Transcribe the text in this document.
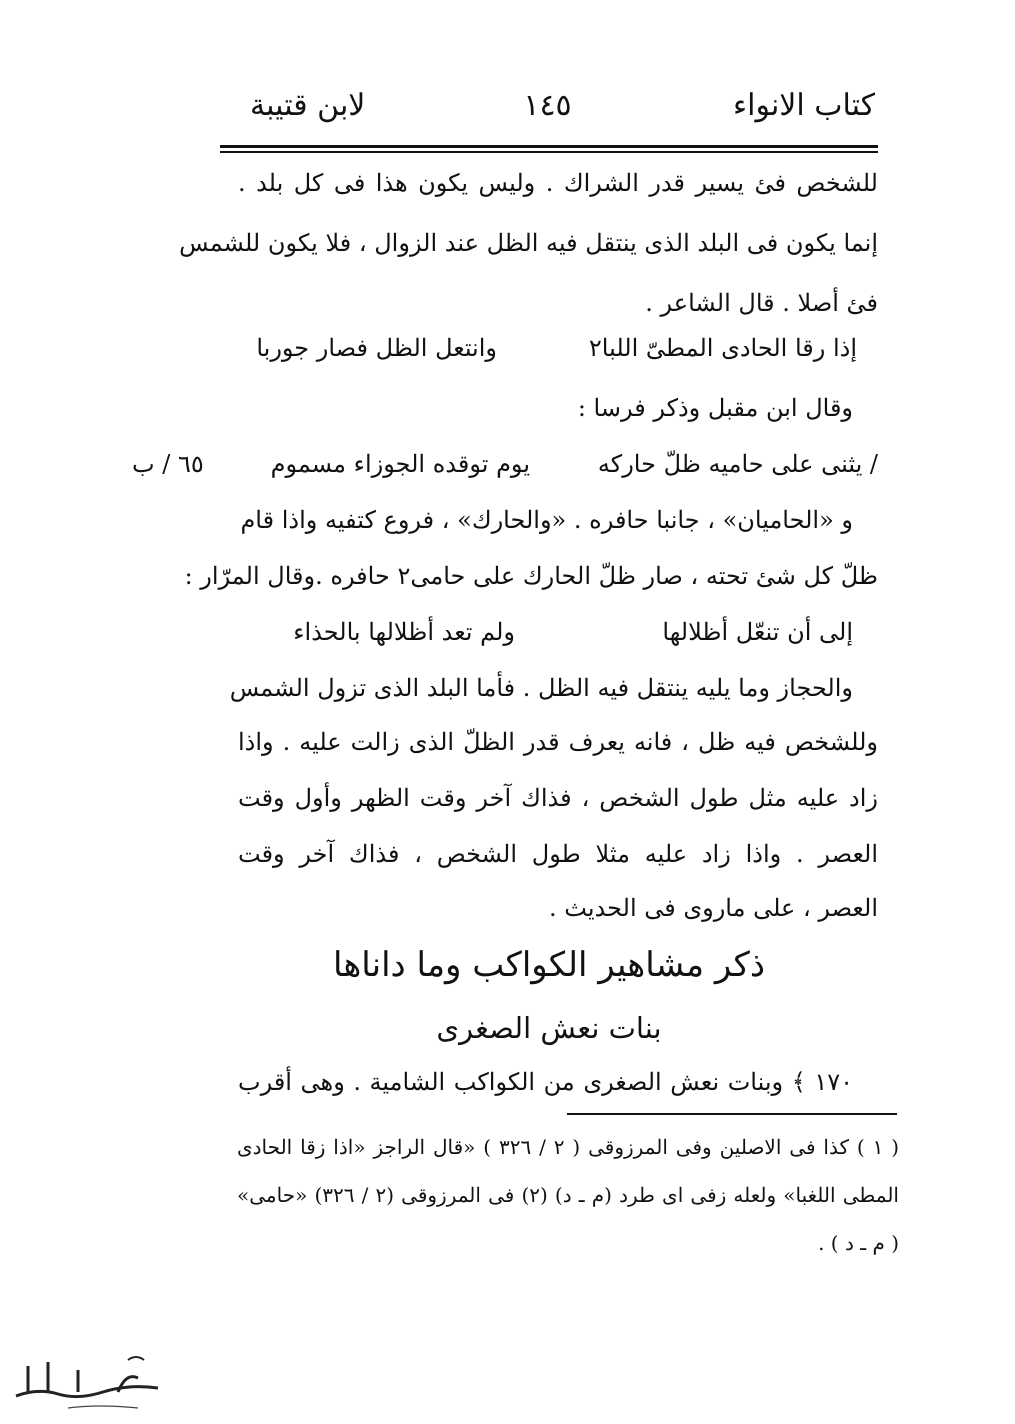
كتاب الانواء
١٤٥
لابن قتيبة
للشخص فئ يسير قدر الشراك . وليس يكون هذا فى كل بلد .
إنما يكون فى البلد الذى ينتقل فيه الظل عند الزوال ، فلا يكون للشمس
فئ أصلا . قال الشاعر .
إذا رقا الحادى المطىّ اللبا٢
وانتعل الظل فصار جوربا
وقال ابن مقبل وذكر فرسا :
/ يثنى على حاميه ظلّ حاركه
يوم توقده الجوزاء مسموم
٦٥ / ب
و «الحاميان» ، جانبا حافره . «والحارك» ، فروع كتفيه واذا قام
ظلّ كل شئ تحته ، صار ظلّ الحارك على حامى٢ حافره .وقال المرّار :
إلى أن تنعّل أظلالها
ولم تعد أظلالها بالحذاء
والحجاز وما يليه ينتقل فيه الظل . فأما البلد الذى تزول الشمس
وللشخص فيه ظل ، فانه يعرف قدر الظلّ الذى زالت عليه . واذا
زاد عليه مثل طول الشخص ، فذاك آخر وقت الظهر وأول وقت
العصر . واذا زاد عليه مثلا طول الشخص ، فذاك آخر وقت
العصر ، على ماروى فى الحديث .
ذكر مشاهير الكواكب وما داناها
بنات نعش الصغرى
١٧٠ ﴾ وبنات نعش الصغرى من الكواكب الشامية . وهى أقرب
( ١ ) كذا فى الاصلين وفى المرزوقى ( ٢ / ٣٢٦ ) «قال الراجز «اذا زقا الحادى
المطى اللغبا» ولعله زفى اى طرد (م ـ د) (٢) فى المرزوقى (٢ / ٣٢٦) «حامى»
( م ـ د ) .
